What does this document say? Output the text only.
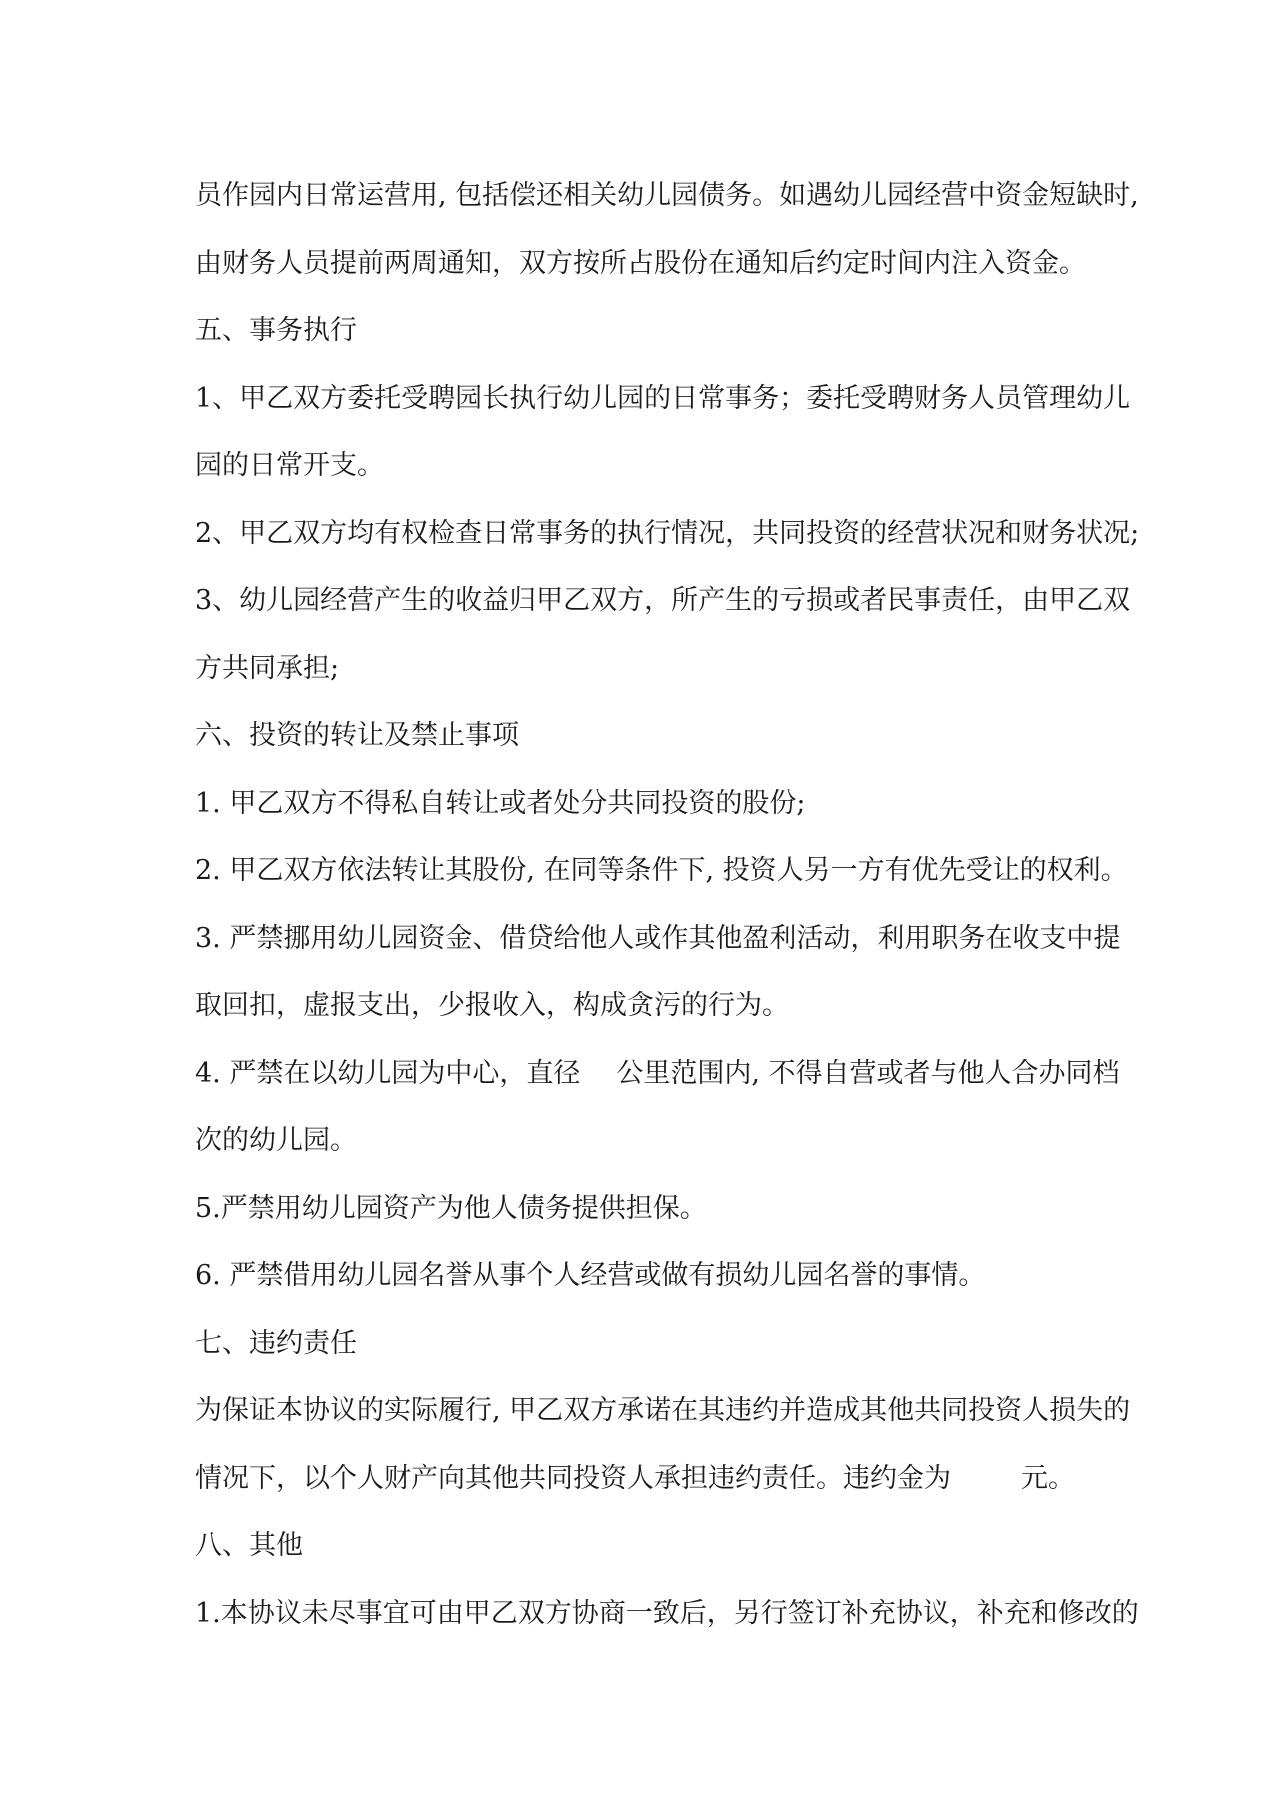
员作园内日常运营用, 包括偿还相关幼儿园债务。如遇幼儿园经营中资金短缺时,
由财务人员提前两周通知，双方按所占股份在通知后约定时间内注入资金。
五、事务执行
1、甲乙双方委托受聘园长执行幼儿园的日常事务；委托受聘财务人员管理幼儿
园的日常开支。
2、甲乙双方均有权检查日常事务的执行情况，共同投资的经营状况和财务状况;
3、幼儿园经营产生的收益归甲乙双方，所产生的亏损或者民事责任，由甲乙双
方共同承担;
六、投资的转让及禁止事项
1. 甲乙双方不得私自转让或者处分共同投资的股份;
2. 甲乙双方依法转让其股份, 在同等条件下, 投资人另一方有优先受让的权利。
3. 严禁挪用幼儿园资金、借贷给他人或作其他盈利活动，利用职务在收支中提
取回扣，虚报支出，少报收入，构成贪污的行为。
4. 严禁在以幼儿园为中心，直径 公里范围内, 不得自营或者与他人合办同档
次的幼儿园。
5.严禁用幼儿园资产为他人债务提供担保。
6. 严禁借用幼儿园名誉从事个人经营或做有损幼儿园名誉的事情。
七、违约责任
为保证本协议的实际履行, 甲乙双方承诺在其违约并造成其他共同投资人损失的
情况下，以个人财产向其他共同投资人承担违约责任。违约金为	元。
八、其他
1.本协议未尽事宜可由甲乙双方协商一致后，另行签订补充协议，补充和修改的
